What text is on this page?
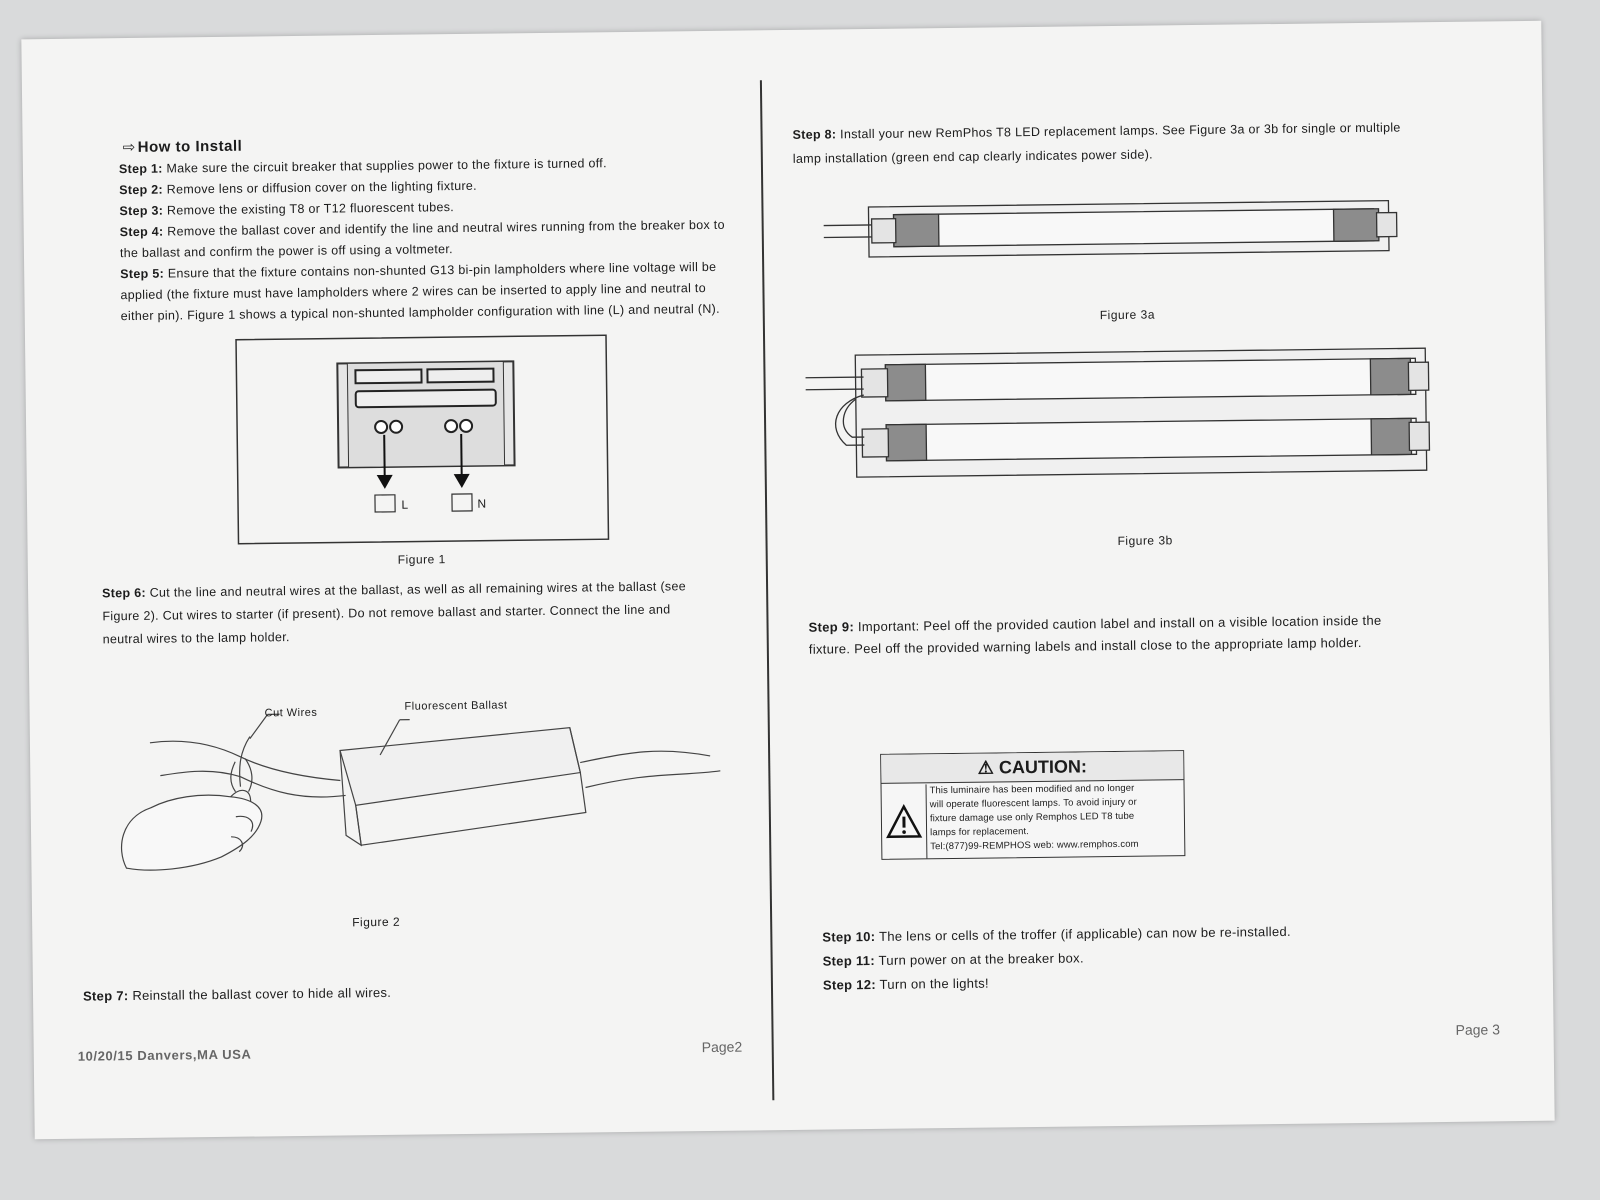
⇨ How to Install
Step 1: Make sure the circuit breaker that supplies power to the fixture is turned off.
Step 2: Remove lens or diffusion cover on the lighting fixture.
Step 3: Remove the existing T8 or T12 fluorescent tubes.
Step 4: Remove the ballast cover and identify the line and neutral wires running from the breaker box to
the ballast and confirm the power is off using a voltmeter.
Step 5: Ensure that the fixture contains non-shunted G13 bi-pin lampholders where line voltage will be
applied (the fixture must have lampholders where 2 wires can be inserted to apply line and neutral to
either pin). Figure 1 shows a typical non-shunted lampholder configuration with line (L) and neutral (N).
L	N
Figure 1
Step 6: Cut the line and neutral wires at the ballast, as well as all remaining wires at the ballast (see
Figure 2). Cut wires to starter (if present). Do not remove ballast and starter. Connect the line and
neutral wires to the lamp holder.
Cut Wires
Fluorescent Ballast
Figure 2
Step 7: Reinstall the ballast cover to hide all wires.
10/20/15 Danvers,MA USA	Page2
Step 8: Install your new RemPhos T8 LED replacement lamps. See Figure 3a or 3b for single or multiple
lamp installation (green end cap clearly indicates power side).
Figure 3a
Figure 3b
Step 9: Important: Peel off the provided caution label and install on a visible location inside the
fixture. Peel off the provided warning labels and install close to the appropriate lamp holder.
⚠ CAUTION:
This luminaire has been modified and no longer
will operate fluorescent lamps. To avoid injury or
fixture damage use only Remphos LED T8 tube
lamps for replacement.
Tel:(877)99-REMPHOS web: www.remphos.com
Step 10: The lens or cells of the troffer (if applicable) can now be re-installed.
Step 11: Turn power on at the breaker box.
Step 12: Turn on the lights!
Page 3
